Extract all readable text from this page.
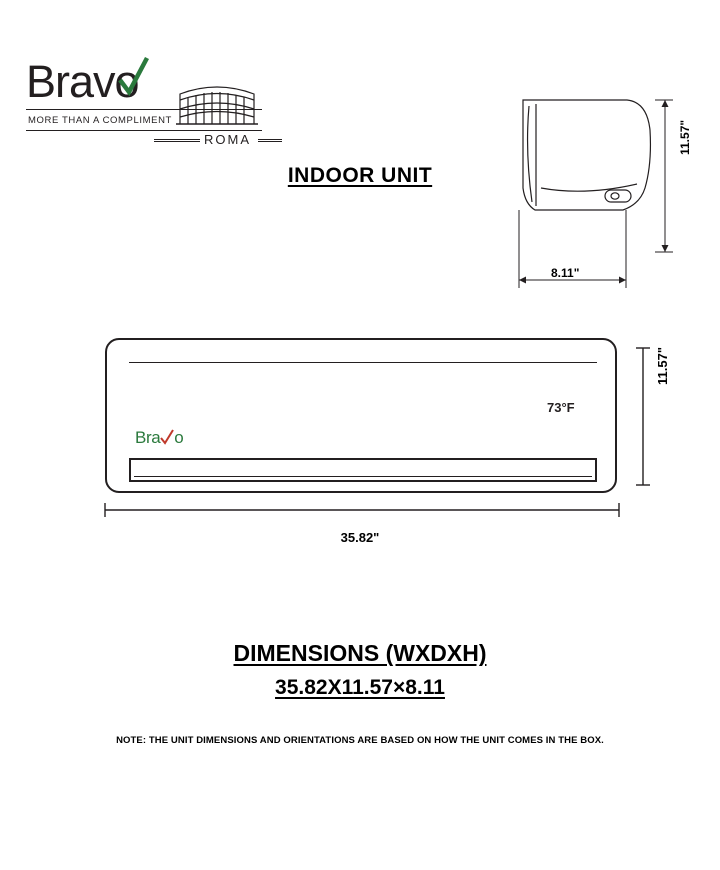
Bravo
MORE THAN A COMPLIMENT
ROMA
INDOOR UNIT
11.57"
8.11"
73°F
Bra o
35.82"
11.57"
DIMENSIONS (WXDXH)
35.82X11.57×8.11
NOTE: THE UNIT DIMENSIONS AND ORIENTATIONS ARE BASED ON HOW THE UNIT COMES IN THE BOX.
